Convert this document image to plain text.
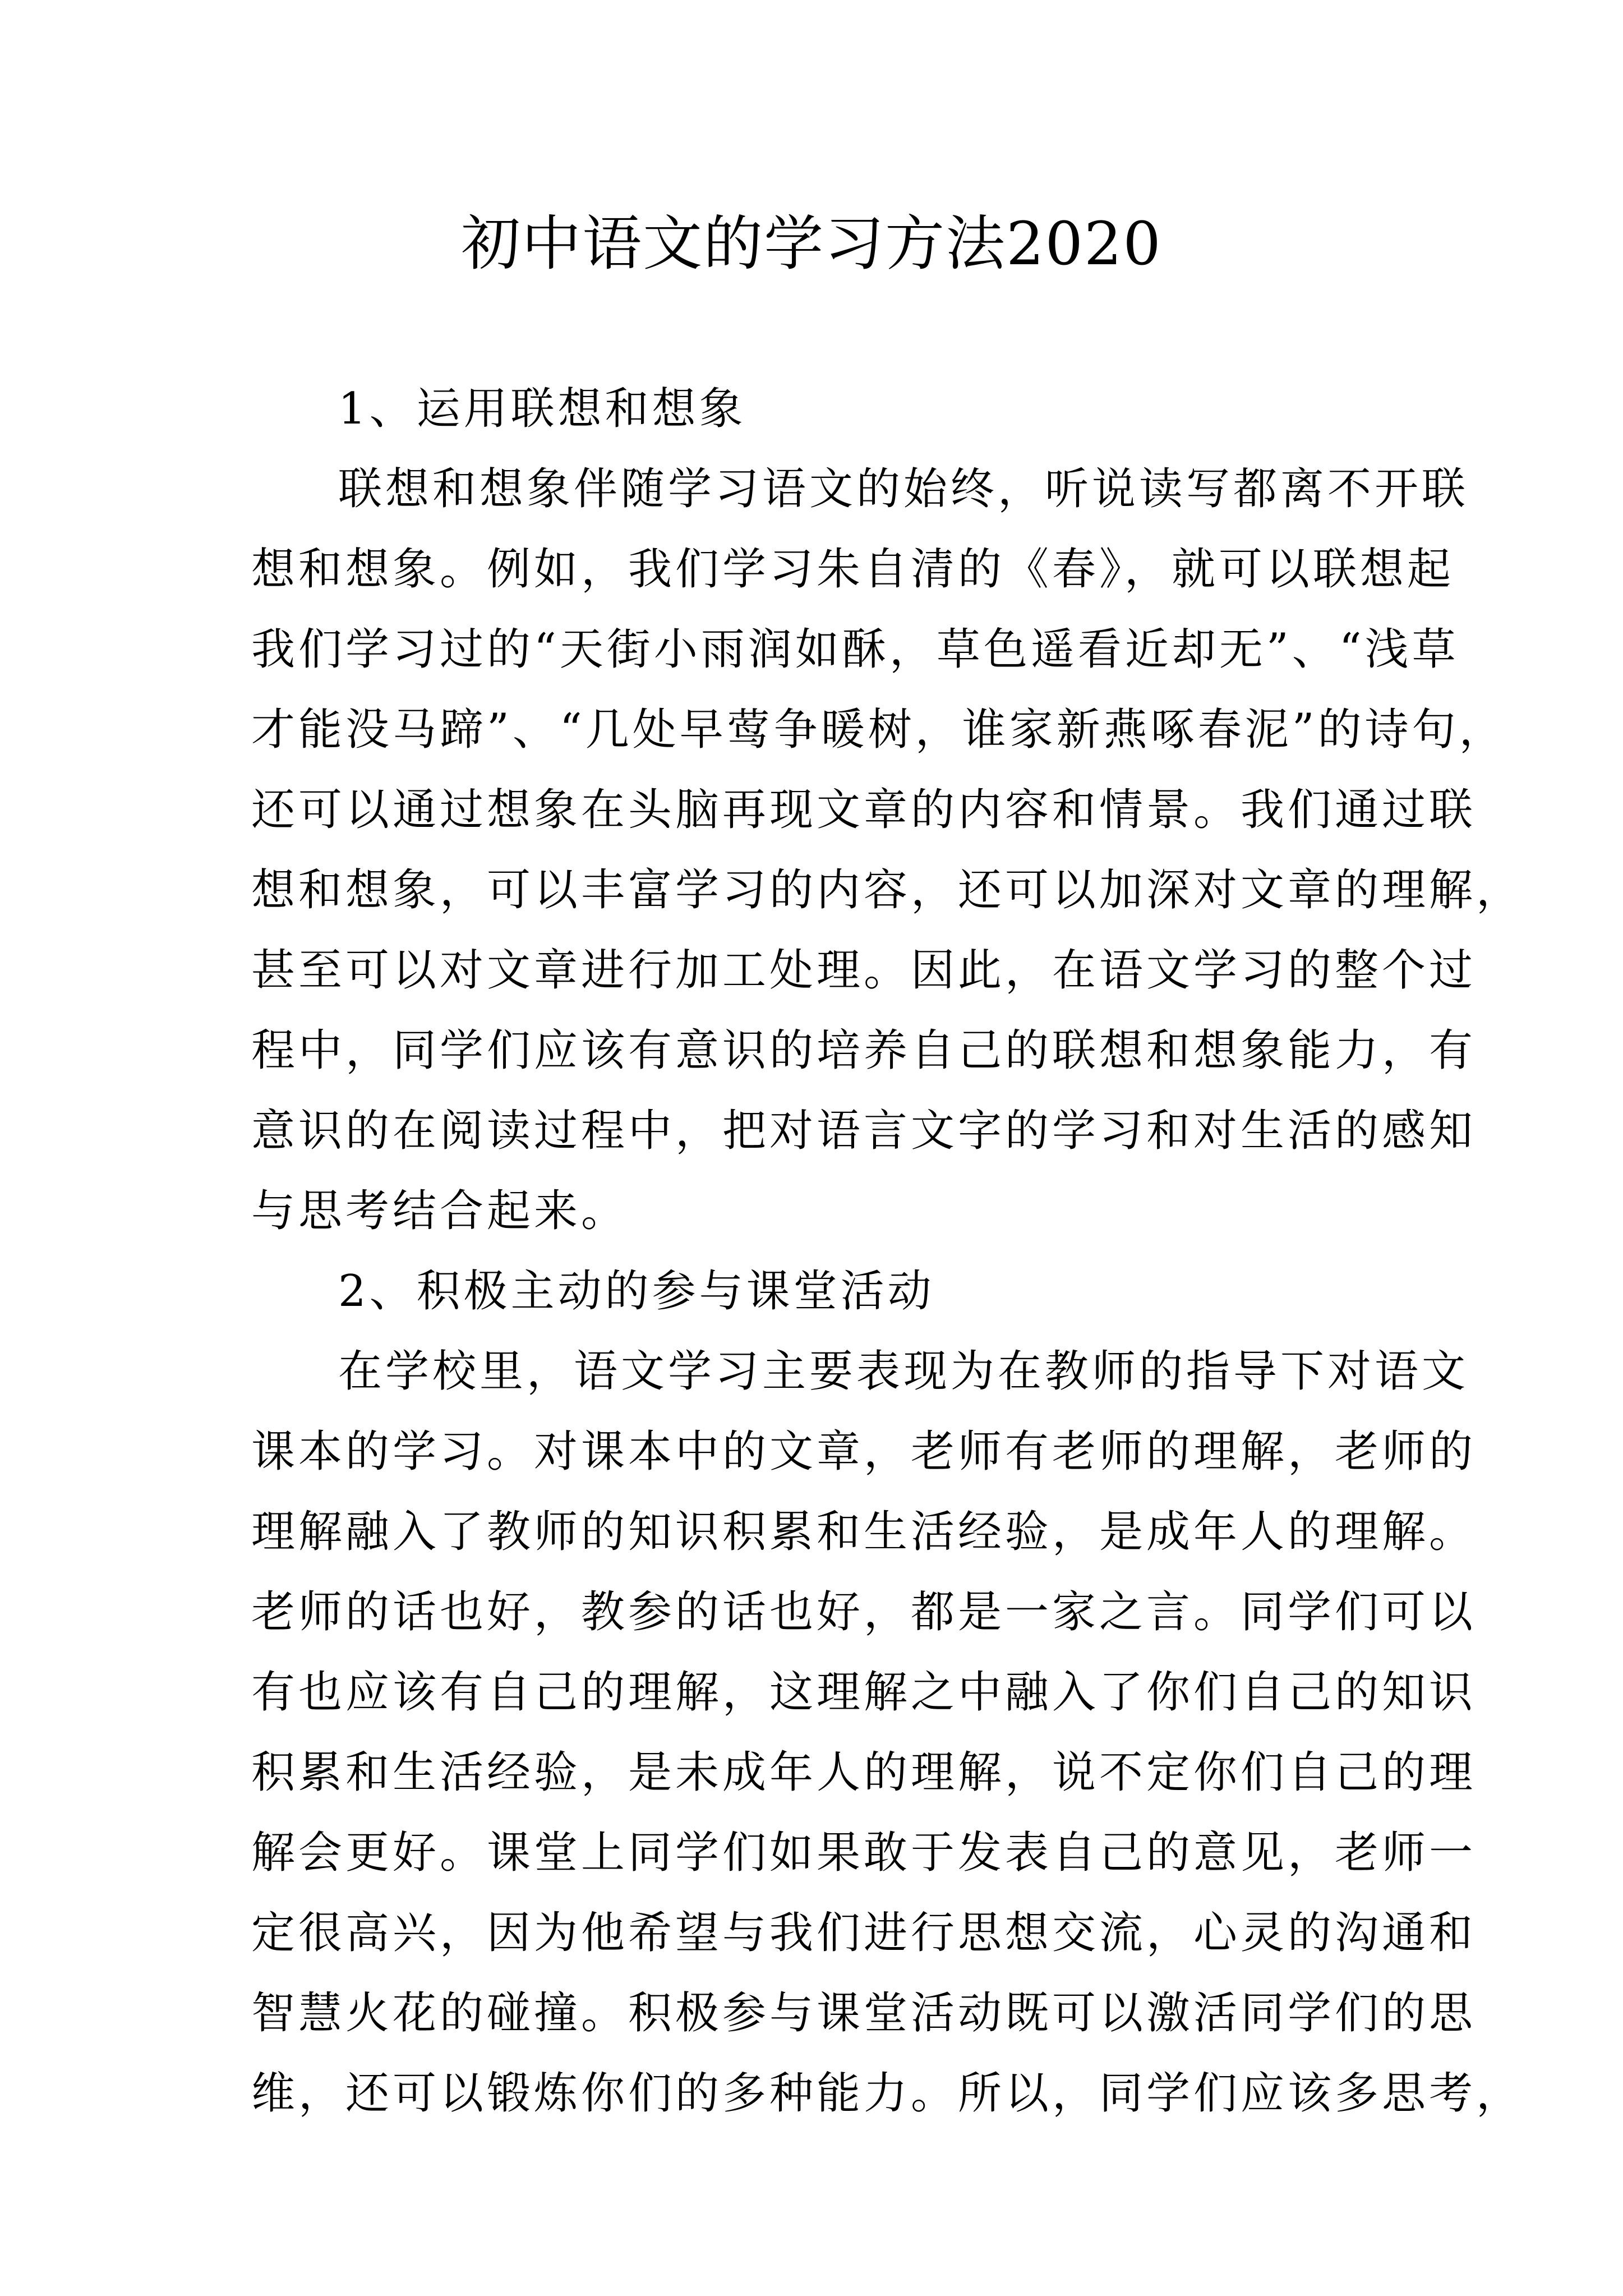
初中语文的学习方法2020
1、运用联想和想象
联想和想象伴随学习语文的始终，听说读写都离不开联
想和想象。例如，我们学习朱自清的《春》，就可以联想起
我们学习过的“天街小雨润如酥，草色遥看近却无”、“浅草
才能没马蹄”、“几处早莺争暖树，谁家新燕啄春泥”的诗句，
还可以通过想象在头脑再现文章的内容和情景。我们通过联
想和想象，可以丰富学习的内容，还可以加深对文章的理解，
甚至可以对文章进行加工处理。因此，在语文学习的整个过
程中，同学们应该有意识的培养自己的联想和想象能力，有
意识的在阅读过程中，把对语言文字的学习和对生活的感知
与思考结合起来。
2、积极主动的参与课堂活动
在学校里，语文学习主要表现为在教师的指导下对语文
课本的学习。对课本中的文章，老师有老师的理解，老师的
理解融入了教师的知识积累和生活经验，是成年人的理解。
老师的话也好，教参的话也好，都是一家之言。同学们可以
有也应该有自己的理解，这理解之中融入了你们自己的知识
积累和生活经验，是未成年人的理解，说不定你们自己的理
解会更好。课堂上同学们如果敢于发表自己的意见，老师一
定很高兴，因为他希望与我们进行思想交流，心灵的沟通和
智慧火花的碰撞。积极参与课堂活动既可以激活同学们的思
维，还可以锻炼你们的多种能力。所以，同学们应该多思考，
